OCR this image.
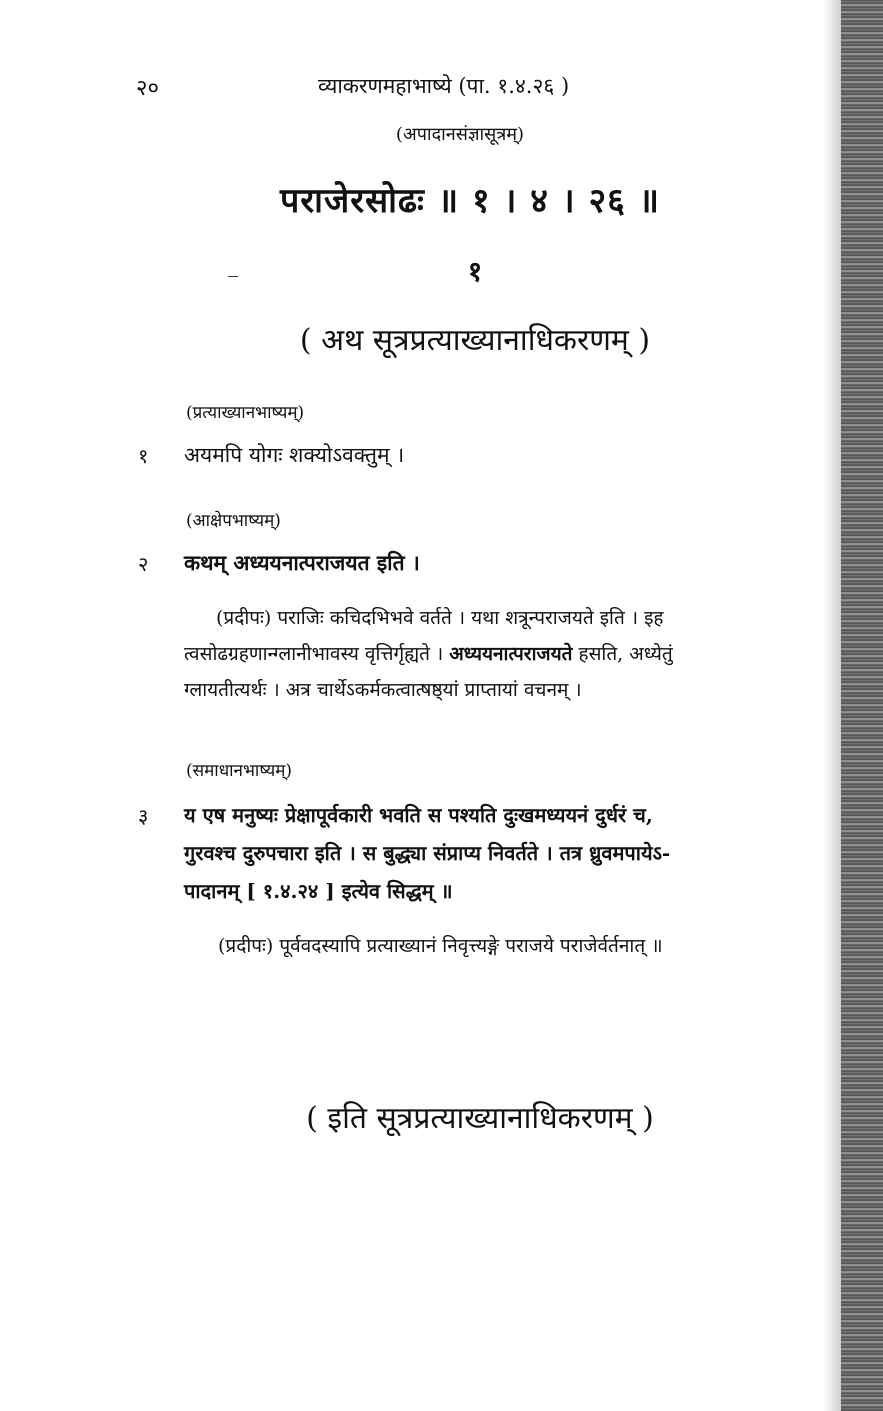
२०	व्याकरणमहाभाष्ये (पा. १.४.२६ )
(अपादानसंज्ञासूत्रम्)
पराजेरसोढः ॥ १ । ४ । २६ ॥
१
( अथ सूत्रप्रत्याख्यानाधिकरणम् )
(प्रत्याख्यानभाष्यम्)
१ अयमपि योगः शक्योऽवक्तुम् ।
(आक्षेपभाष्यम्)
२ कथम् अध्ययनात्पराजयत इति ।
(प्रदीपः) पराजिः कचिदभिभवे वर्तते । यथा शत्रून्पराजयते इति । इह
त्वसोढग्रहणान्ग्लानीभावस्य वृत्तिर्गृह्यते । अध्ययनात्पराजयते हसति, अध्येतुं
ग्लायतीत्यर्थः । अत्र चार्थेऽकर्मकत्वात्षष्ठ्यां प्राप्तायां वचनम् ।
(समाधानभाष्यम्)
३ य एष मनुष्यः प्रेक्षापूर्वकारी भवति स पश्यति दुःखमध्ययनं दुर्धरं च,
गुरवश्च दुरुपचारा इति । स बुद्ध्या संप्राप्य निवर्तते । तत्र ध्रुवमपायेऽ-
पादानम् [ १.४.२४ ] इत्येव सिद्धम् ॥
(प्रदीपः) पूर्ववदस्यापि प्रत्याख्यानं निवृत्त्यङ्गे पराजये पराजेर्वर्तनात् ॥
( इति सूत्रप्रत्याख्यानाधिकरणम् )
